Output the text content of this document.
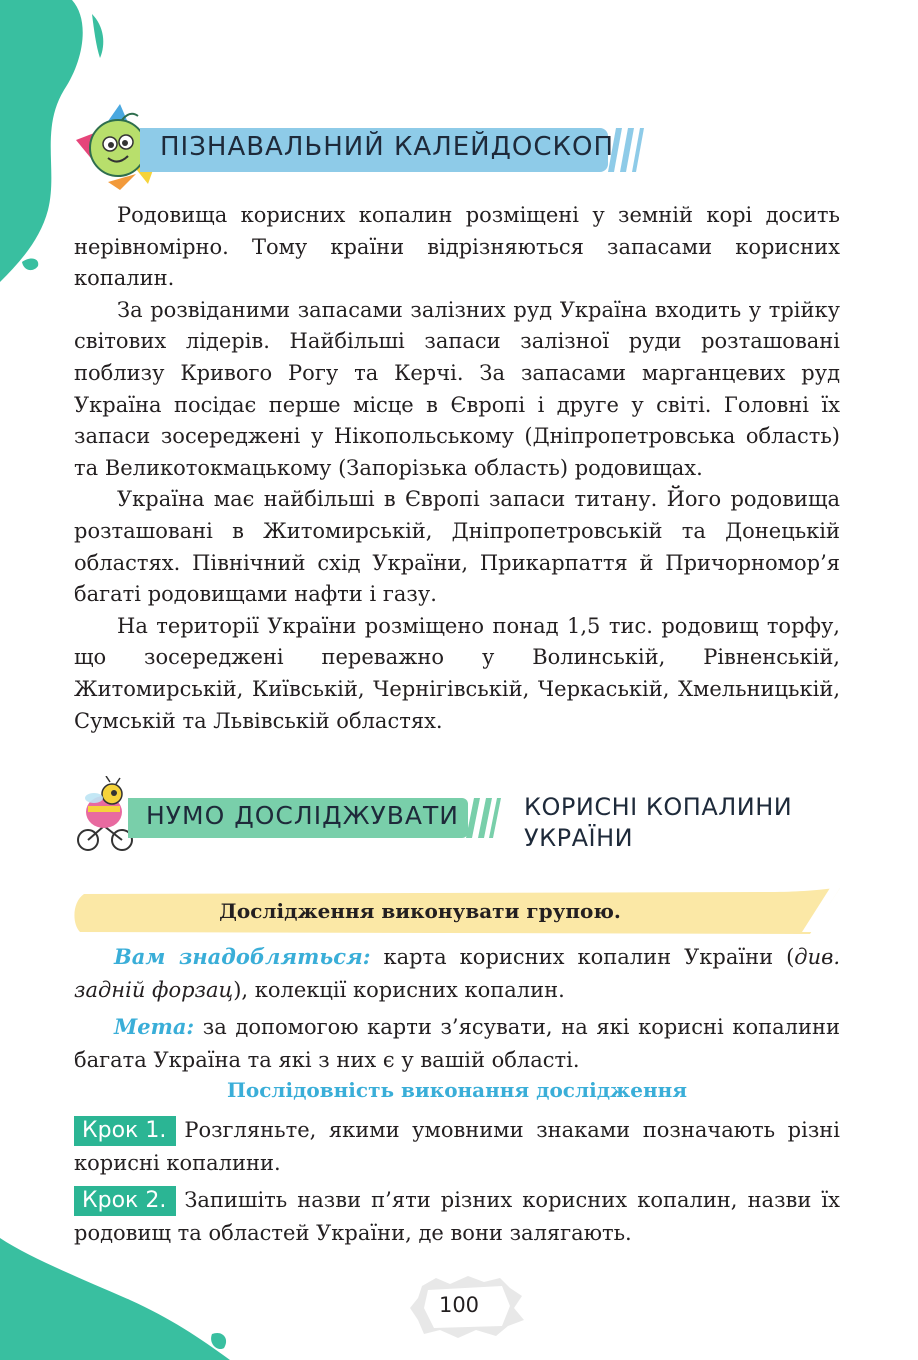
ПІЗНАВАЛЬНИЙ КАЛЕЙДОСКОП

Родовища корисних копалин розміщені у земній корі досить нерівномірно. Тому країни відрізняються запасами корисних копалин.

За розвіданими запасами залізних руд Україна входить у трійку світових лідерів. Найбільші запаси залізної руди розташовані поблизу Кривого Рогу та Керчі. За запасами марганцевих руд Україна посідає перше місце в Європі і друге у світі. Головні їх запаси зосереджені у Нікопольському (Дніпропетровська область) та Великотокмацькому (Запорізька область) родовищах.

Україна має найбільші в Європі запаси титану. Його родовища розташовані в Житомирській, Дніпропетровській та Донецькій областях. Північний схід України, Прикарпаття й Причорномор’я багаті родовищами нафти і газу.

На території України розміщено понад 1,5 тис. родовищ торфу, що зосереджені переважно у Волинській, Рівненській, Житомирській, Київській, Чернігівській, Черкаській, Хмельницькій, Сумській та Львівській областях.

НУМО ДОСЛІДЖУВАТИ	КОРИСНІ КОПАЛИНИ
УКРАЇНИ
Дослідження виконувати групою.
Вам знадобляться: карта корисних копалин України (див. задній форзац), колекції корисних копалин.
Мета: за допомогою карти з’ясувати, на які корисні копалини багата Україна та які з них є у вашій області.
Послідовність виконання дослідження
Крок 1. Розгляньте, якими умовними знаками позначають різні корисні копалини.
Крок 2. Запишіть назви п’яти різних корисних копалин, назви їх родовищ та областей України, де вони залягають.
100
